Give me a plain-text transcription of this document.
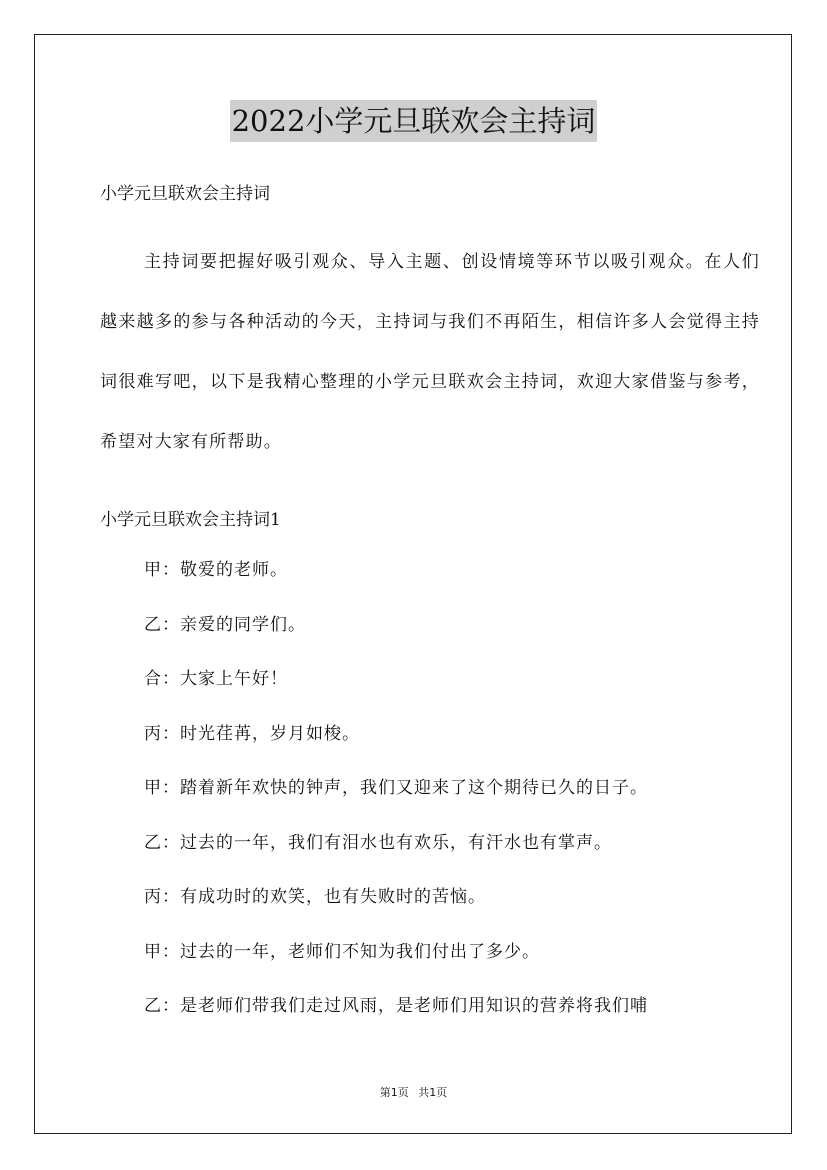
2022小学元旦联欢会主持词
小学元旦联欢会主持词

主持词要把握好吸引观众、导入主题、创设情境等环节以吸引观众。在人们越来越多的参与各种活动的今天，主持词与我们不再陌生，相信许多人会觉得主持词很难写吧，以下是我精心整理的小学元旦联欢会主持词，欢迎大家借鉴与参考，希望对大家有所帮助。

小学元旦联欢会主持词1
甲：敬爱的老师。
乙：亲爱的同学们。
合：大家上午好！
丙：时光荏苒，岁月如梭。
甲：踏着新年欢快的钟声，我们又迎来了这个期待已久的日子。
乙：过去的一年，我们有泪水也有欢乐，有汗水也有掌声。
丙：有成功时的欢笑，也有失败时的苦恼。
甲：过去的一年，老师们不知为我们付出了多少。
乙：是老师们带我们走过风雨，是老师们用知识的营养将我们哺
第1页 共1页
